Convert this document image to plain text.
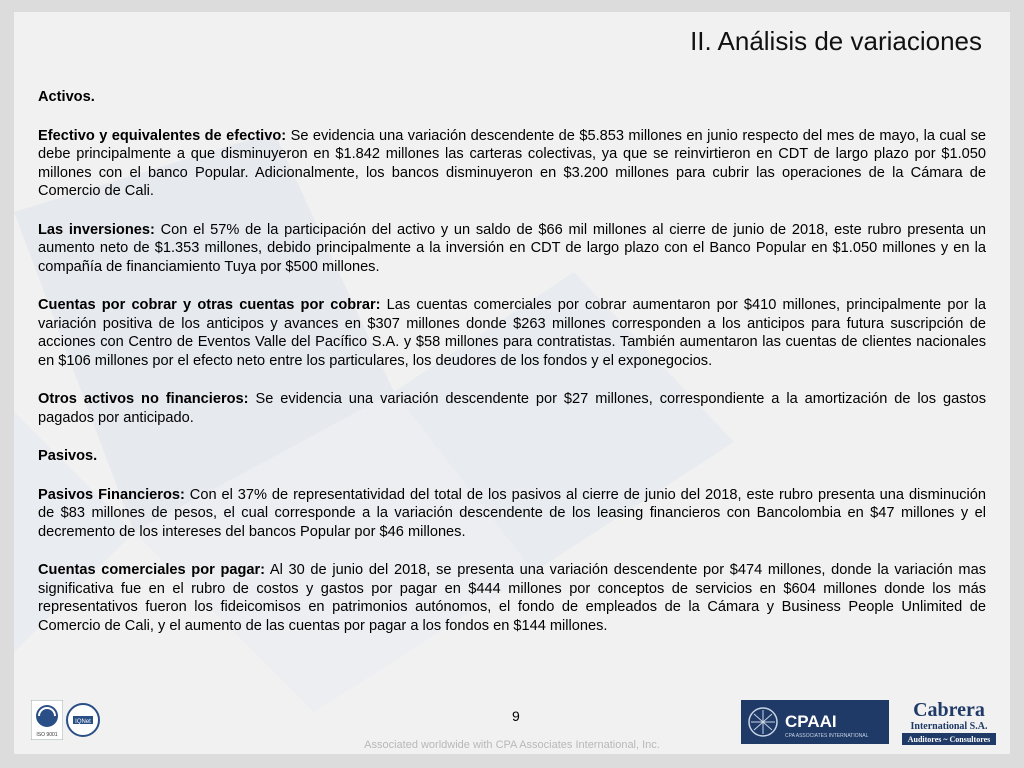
II. Análisis de variaciones

Activos.

Efectivo y equivalentes de efectivo: Se evidencia una variación descendente de $5.853 millones en junio respecto del mes de mayo, la cual se debe principalmente a que disminuyeron en $1.842 millones las carteras colectivas, ya que se reinvirtieron en CDT de largo plazo por $1.050 millones con el banco Popular. Adicionalmente, los bancos disminuyeron en $3.200 millones para cubrir las operaciones de la Cámara de Comercio de Cali.

Las inversiones: Con el 57% de la participación del activo y un saldo de $66 mil millones al cierre de junio de 2018, este rubro presenta un aumento neto de $1.353 millones, debido principalmente a la inversión en CDT de largo plazo con el Banco Popular en $1.050 millones y en la compañía de financiamiento Tuya por $500 millones.

Cuentas por cobrar y otras cuentas por cobrar: Las cuentas comerciales por cobrar aumentaron por $410 millones, principalmente por la variación positiva de los anticipos y avances en $307 millones donde $263 millones corresponden a los anticipos para futura suscripción de acciones con Centro de Eventos Valle del Pacífico S.A. y $58 millones para contratistas. También aumentaron las cuentas de clientes nacionales en $106 millones por el efecto neto entre los particulares, los deudores de los fondos y el exponegocios.

Otros activos no financieros: Se evidencia una variación descendente por $27 millones, correspondiente a la amortización de los gastos pagados por anticipado.

Pasivos.

Pasivos Financieros: Con el 37% de representatividad del total de los pasivos al cierre de junio del 2018, este rubro presenta una disminución de $83 millones de pesos, el cual corresponde a la variación descendente de los leasing financieros con Bancolombia en $47 millones y el decremento de los intereses del bancos Popular por $46 millones.

Cuentas comerciales por pagar: Al 30 de junio del 2018, se presenta una variación descendente por $474 millones, donde la variación mas significativa fue en el rubro de costos y gastos por pagar en $444 millones por conceptos de servicios en $604 millones donde los más representativos fueron los fideicomisos en patrimonios autónomos, el fondo de empleados de la Cámara y Business People Unlimited de Comercio de Cali, y el aumento de las cuentas por pagar a los fondos en $144 millones.

9
ISO 9001
IQNet	CPAAI
CPA ASSOCIATES INTERNATIONAL
Cabrera
International S.A.
Auditores ~ Consultores
Associated worldwide with CPA Associates International, Inc.
